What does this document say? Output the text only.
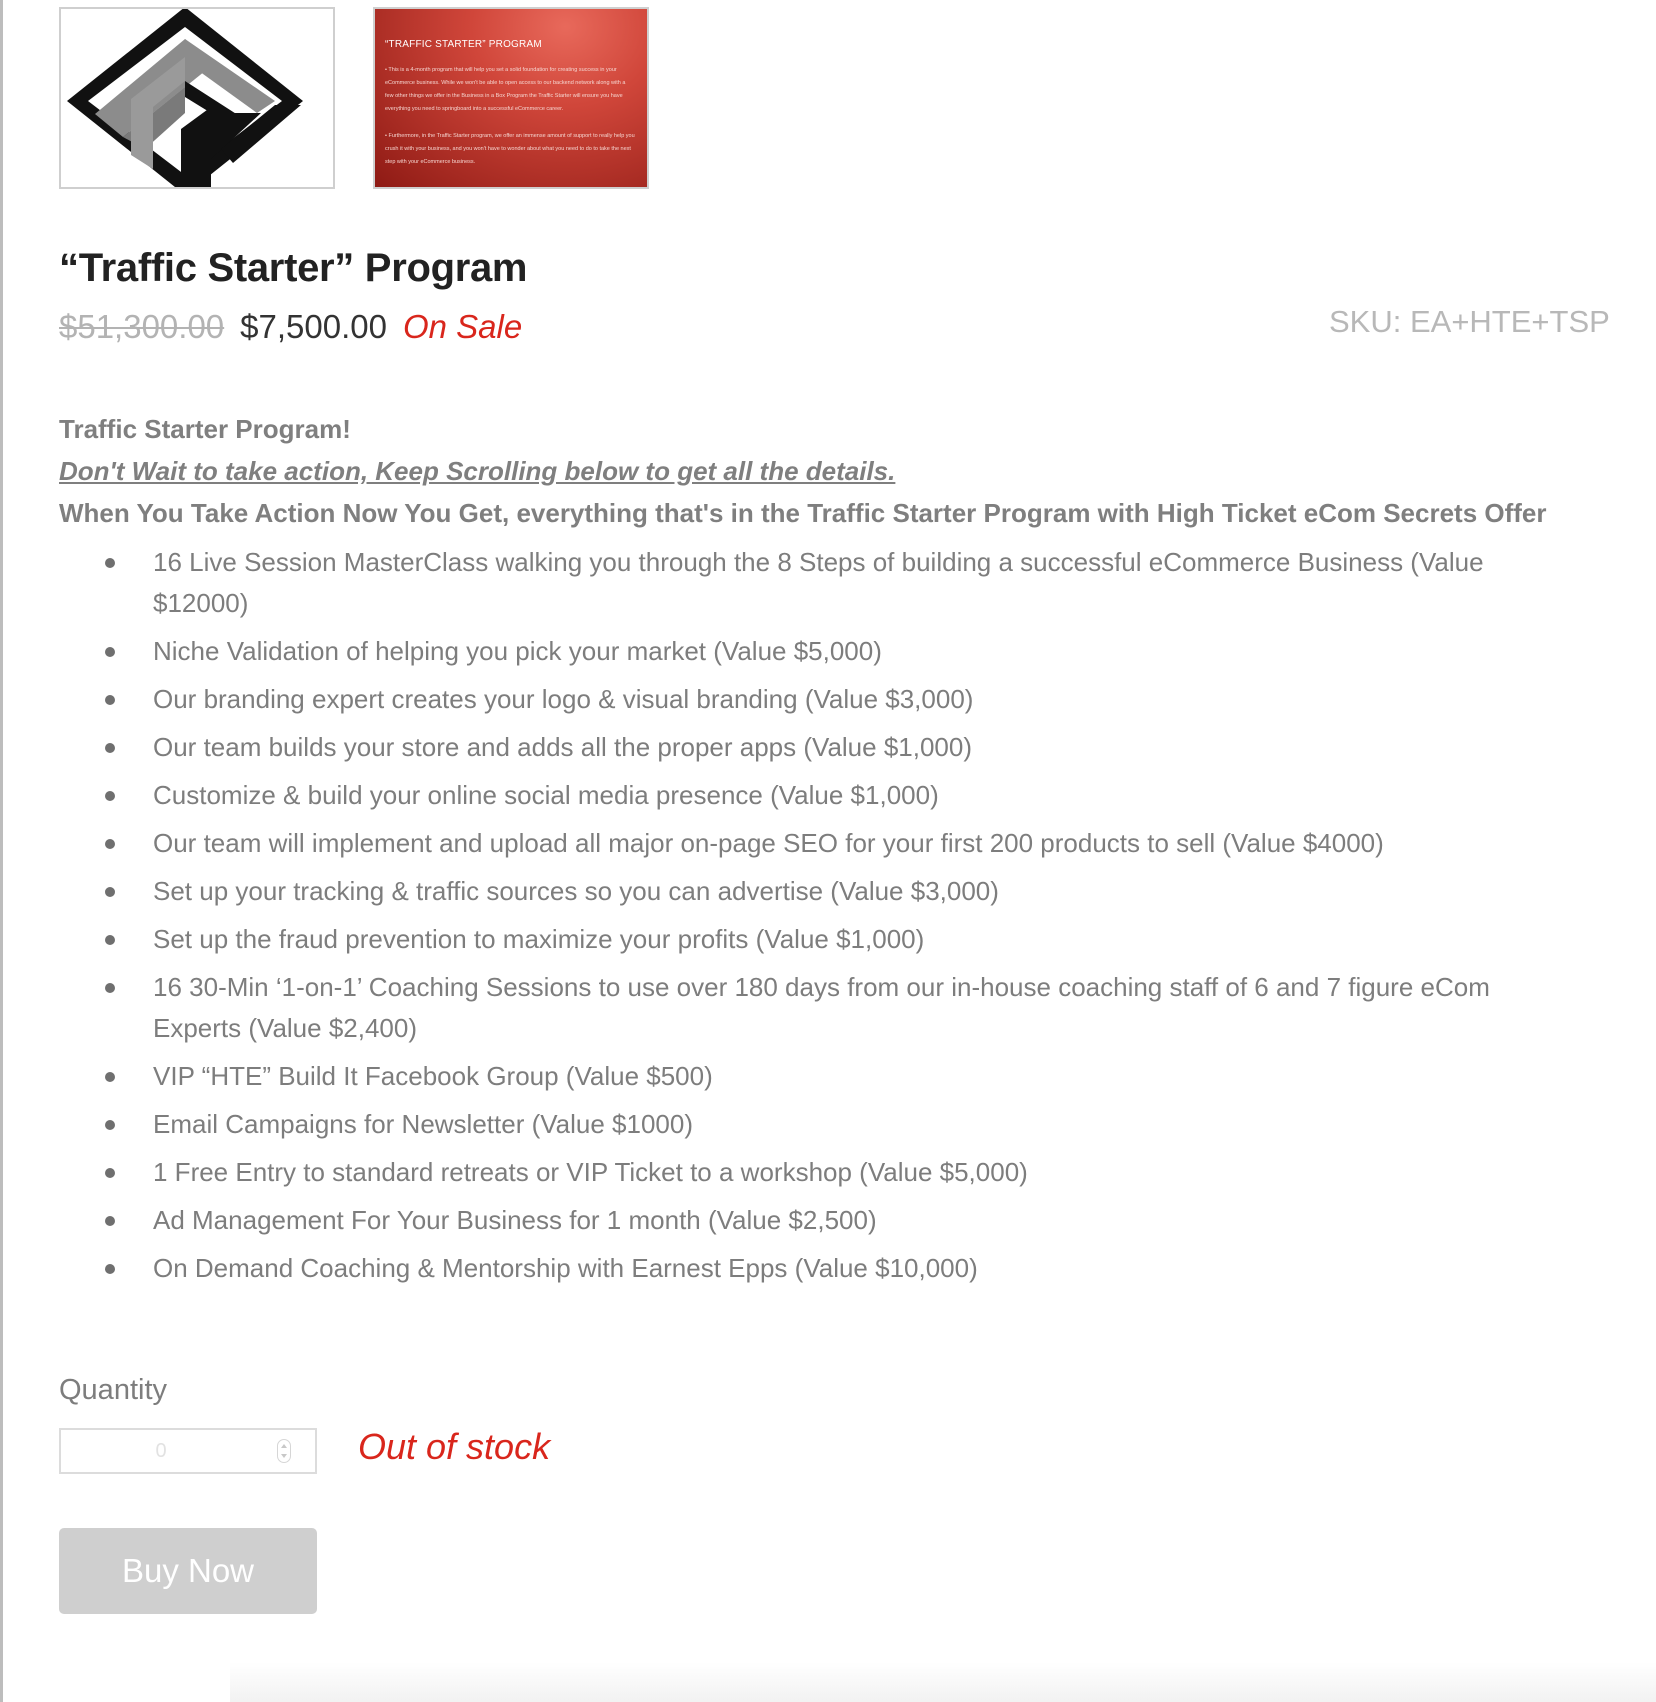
“TRAFFIC STARTER” PROGRAM

• This is a 4-month program that will help you set a solid foundation for creating success in your eCommerce business. While we won't be able to open access to our backend network along with a few other things we offer in the Business in a Box Program the Traffic Starter will ensure you have everything you need to springboard into a successful eCommerce career.

• Furthermore, in the Traffic Starter program, we offer an immense amount of support to really help you crush it with your business, and you won't have to wonder about what you need to do to take the next step with your eCommerce business.

“Traffic Starter” Program
$51,300.00 $7,500.00 On Sale	SKU: EA+HTE+TSP

Traffic Starter Program!

Don't Wait to take action, Keep Scrolling below to get all the details.

When You Take Action Now You Get, everything that's in the Traffic Starter Program with High Ticket eCom Secrets Offer

16 Live Session MasterClass walking you through the 8 Steps of building a successful eCommerce Business (Value $12000)
Niche Validation of helping you pick your market (Value $5,000)
Our branding expert creates your logo & visual branding (Value $3,000)
Our team builds your store and adds all the proper apps (Value $1,000)
Customize & build your online social media presence (Value $1,000)
Our team will implement and upload all major on-page SEO for your first 200 products to sell (Value $4000)
Set up your tracking & traffic sources so you can advertise (Value $3,000)
Set up the fraud prevention to maximize your profits (Value $1,000)
16 30-Min ‘1-on-1’ Coaching Sessions to use over 180 days from our in-house coaching staff of 6 and 7 figure eCom Experts (Value $2,400)
VIP “HTE” Build It Facebook Group (Value $500)
Email Campaigns for Newsletter (Value $1000)
1 Free Entry to standard retreats or VIP Ticket to a workshop (Value $5,000)
Ad Management For Your Business for 1 month (Value $2,500)
On Demand Coaching & Mentorship with Earnest Epps (Value $10,000)
Quantity
0
Out of stock
Buy Now
